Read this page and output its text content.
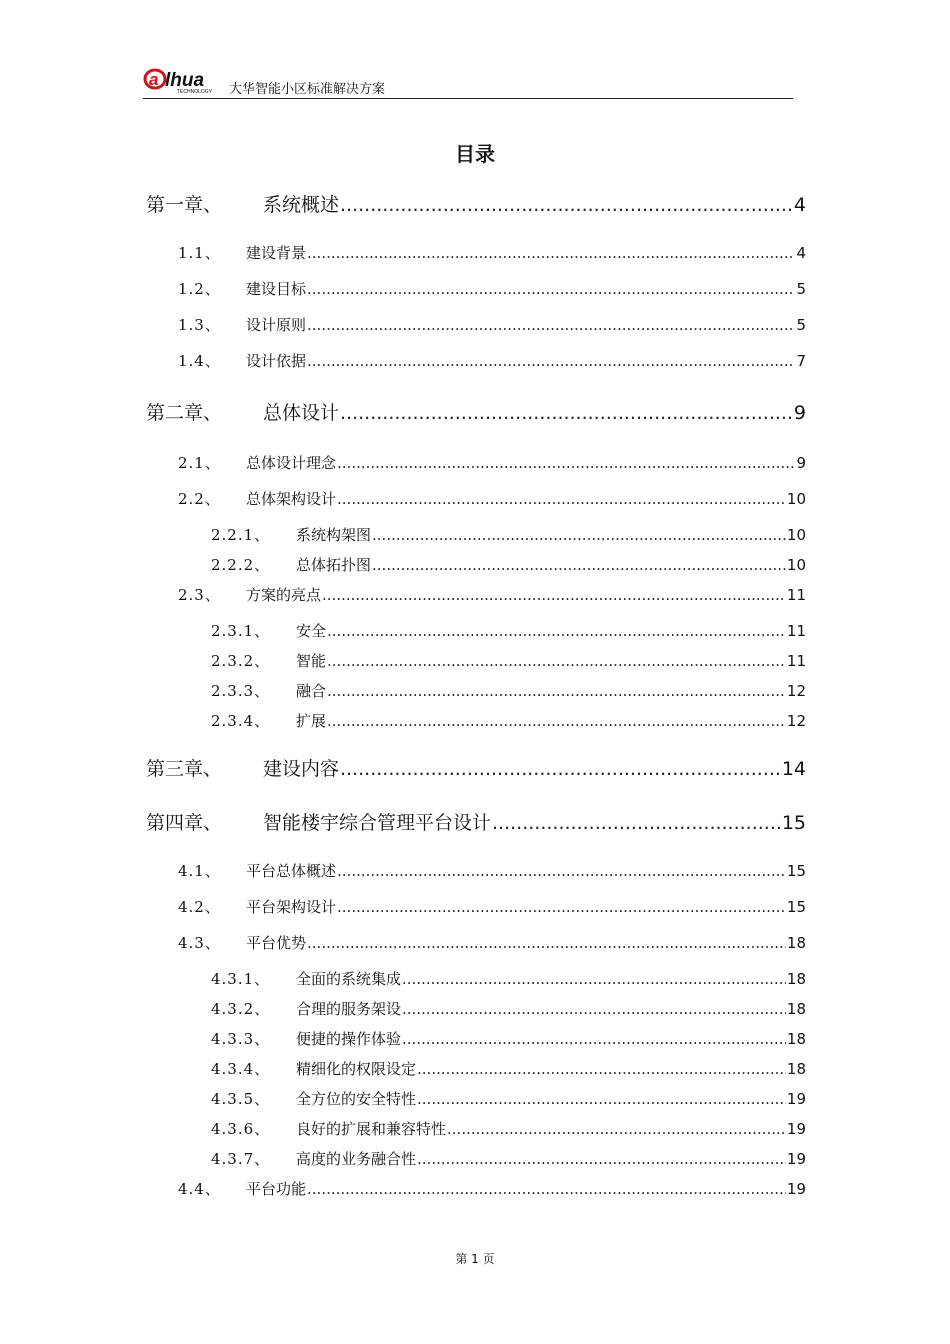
a lhua
TECHNOLOGY 大华智能小区标准解决方案
目录
第一章、	系统概述 .....	4
1.1、	建设背景 .....	4
1.2、	建设目标 .....	5
1.3、	设计原则 .....	5
1.4、	设计依据 .....	7
第二章、	总体设计 .....	9
2.1、	总体设计理念 .....	9
2.2、	总体架构设计 .....	10
2.2.1、	系统构架图 .....	10
2.2.2、	总体拓扑图 .....	10
2.3、	方案的亮点 .....	11
2.3.1、	安全 .....	11
2.3.2、	智能 .....	11
2.3.3、	融合 .....	12
2.3.4、	扩展 .....	12
第三章、	建设内容 .....	14
第四章、	智能楼宇综合管理平台设计 .....	15
4.1、	平台总体概述 .....	15
4.2、	平台架构设计 .....	15
4.3、	平台优势 .....	18
4.3.1、	全面的系统集成 .....	18
4.3.2、	合理的服务架设 .....	18
4.3.3、	便捷的操作体验 .....	18
4.3.4、	精细化的权限设定 .....	18
4.3.5、	全方位的安全特性 .....	19
4.3.6、	良好的扩展和兼容特性 .....	19
4.3.7、	高度的业务融合性 .....	19
4.4、	平台功能 .....	19
第 1 页
